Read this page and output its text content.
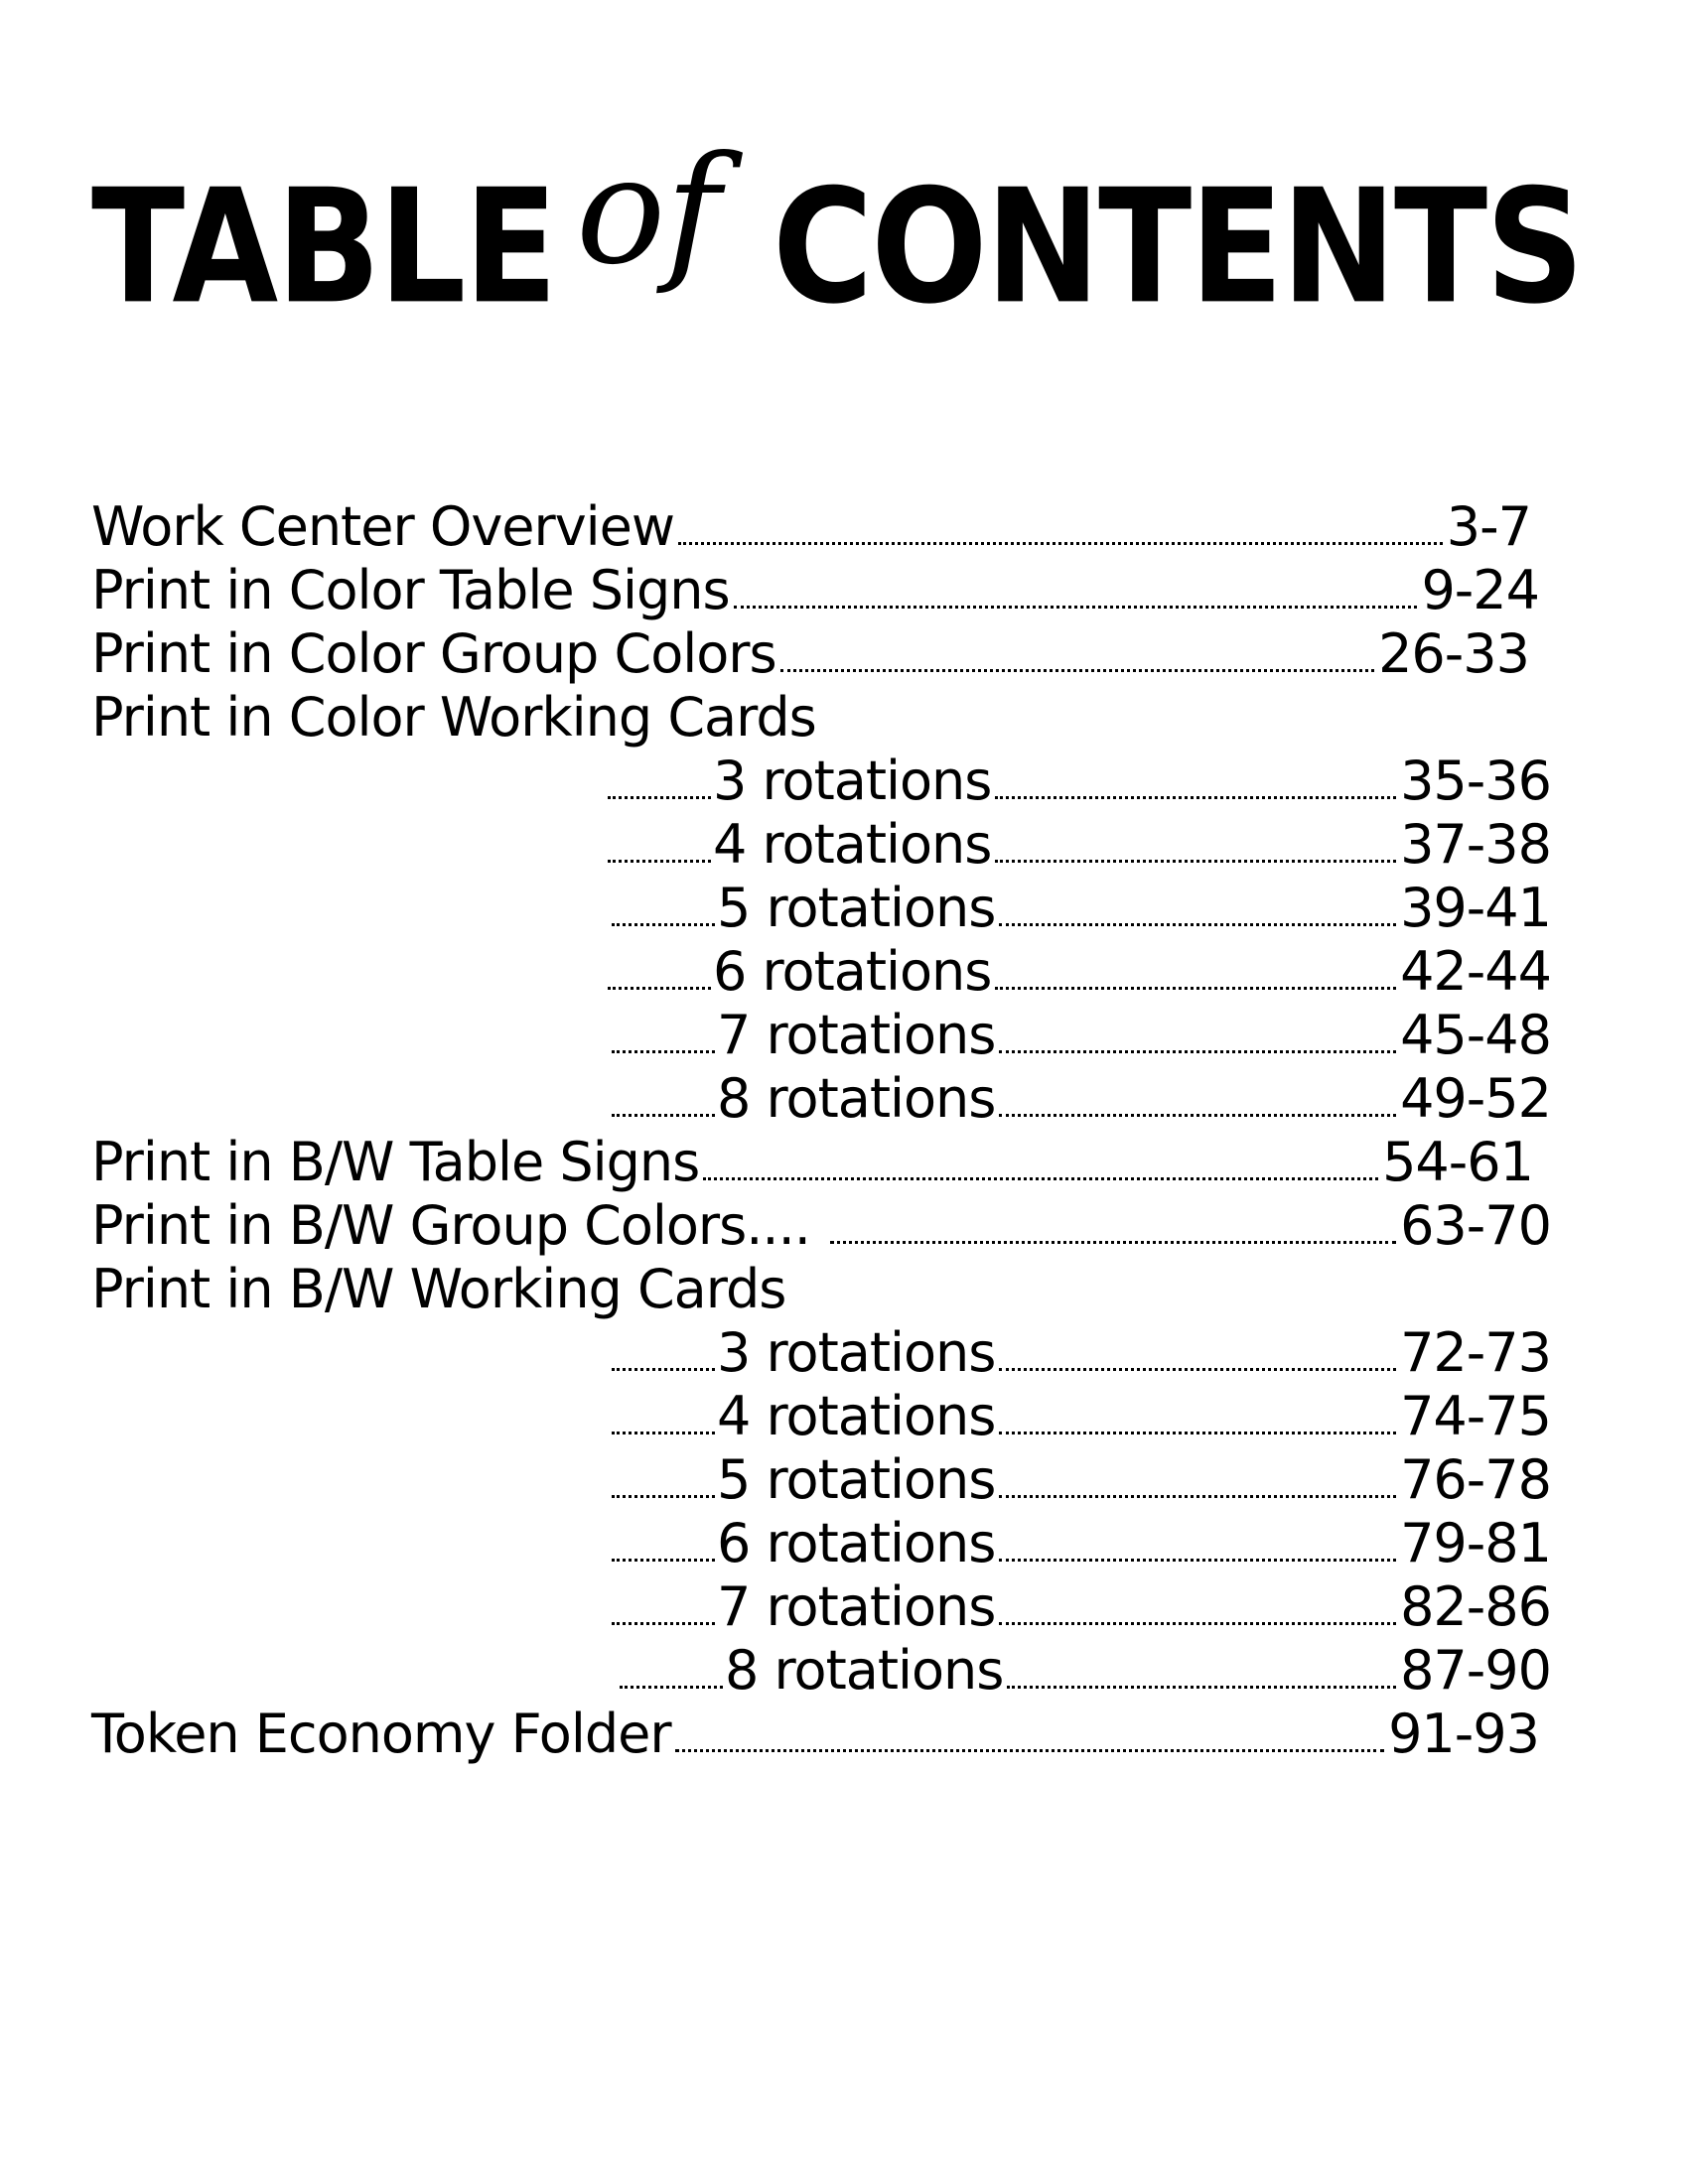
TABLE of CONTENTS
Work Center Overview	3-7
Print in Color Table Signs	9-24
Print in Color Group Colors	26-33
Print in Color Working Cards
3 rotations	35-36
4 rotations	37-38
5 rotations	39-41
6 rotations	42-44
7 rotations	45-48
8 rotations	49-52
Print in B/W Table Signs	54-61
Print in B/W Group Colors....	63-70
Print in B/W Working Cards
3 rotations	72-73
4 rotations	74-75
5 rotations	76-78
6 rotations	79-81
7 rotations	82-86
8 rotations	87-90
Token Economy Folder	91-93
